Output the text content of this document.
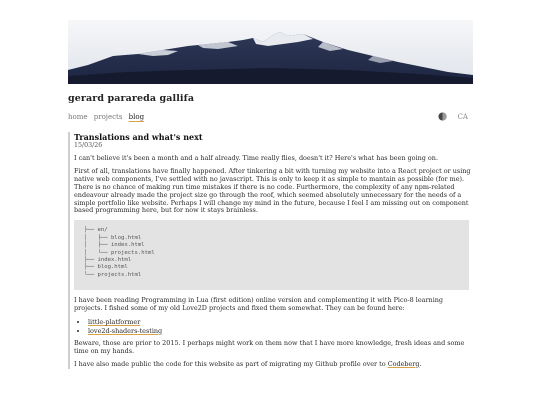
gerard parareda gallifa
home projects blog	CA
Translations and what's next
15/03/26

I can't believe it's been a month and a half already. Time really flies, doesn't it? Here's what has been going on.

First of all, translations have finally happened. After tinkering a bit with turning my website into a React project or using native web components, I've settled with no javascript. This is only to keep it as simple to mantain as possible (for me). There is no chance of making run time mistakes if there is no code. Furthermore, the complexity of any npm-related endeavour already made the project size go through the roof, which seemed absolutely unnecessary for the needs of a simple portfolio like website. Perhaps I will change my mind in the future, because I feel I am missing out on component based programming here, but for now it stays brainless.

├── en/
│   ├── blog.html
│   ├── index.html
│   └── projects.html
├── index.html
├── blog.html
└── projects.html

I have been reading Programming in Lua (first edition) online version and complementing it with Pico-8 learning projects. I fished some of my old Love2D projects and fixed them somewhat. They can be found here:

• little-platformer
• love2d-shaders-testing

Beware, those are prior to 2015. I perhaps might work on them now that I have more knowledge, fresh ideas and some time on my hands.

I have also made public the code for this website as part of migrating my Github profile over to Codeberg.
